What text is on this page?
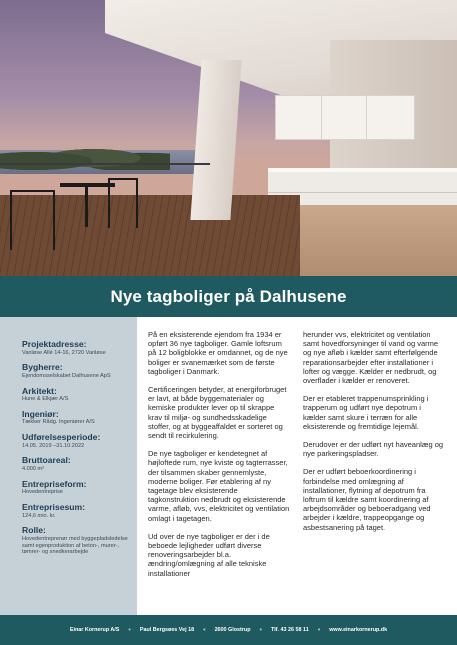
Nye tagboliger på Dalhusene
Projektadresse:
Vanløse Allé 14-16, 2720 Vanløse
Bygherre:
Ejendomsselskabet Dalhusene ApS
Arkitekt:
Hune & Elkjær A/S
Ingeniør:
Tækker Rådg. Ingeniører A/S
Udførelsesperiode:
14.05. 2019 –31.10.2022
Bruttoareal:
4.000 m²
Entrepriseform:
Hovedentreprise
Entreprisesum:
124,6 mio. kr.
Rolle:
Hovedentreprenør med byggepladsledelse samt egenproduktion af beton-, murer-, tømrer- og snedkerarbejde

På en eksisterende ejendom fra 1934 er opført 36 nye tagboliger. Gamle loftsrum på 12 boligblokke er omdannet, og de nye boliger er svanemærket som de første tagboliger i Danmark.

Certificeringen betyder, at energiforbruget er lavt, at både byggematerialer og kemiske produkter lever op til skrappe krav til miljø- og sundhedsskadelige stoffer, og at byggeaffaldet er sorteret og sendt til recirkulering.

De nye tagboliger er kendetegnet af højloftede rum, nye kviste og tagterrasser, der tilsammen skaber gennemlyste, moderne boliger. Før etablering af ny tagetage blev eksisterende tagkonstruktion nedbrudt og eksisterende varme, afløb, vvs, elektricitet og ventilation omlagt i tagetagen.

Ud over de nye tagboliger er der i de beboede lejligheder udført diverse renoveringsarbejder bl.a. ændring/omlægning af alle tekniske installationer

herunder vvs, elektricitet og ventilation samt hovedforsyninger til vand og varme og nye afløb i kælder samt efterfølgende reparationsarbejder efter installationer i lofter og vægge. Kælder er nedbrudt, og overflader i kælder er renoveret.

Der er etableret trappenumsprinkling i trapperum og udført nye depotrum i kælder samt skure i terræn for alle eksisterende og fremtidige lejemål.

Derudover er der udført nyt haveanlæg og nye parkeringspladser.

Der er udført beboerkoordinering i forbindelse med omlægning af installationer, flytning af depotrum fra loftrum til kældre samt koordinering af arbejdsområder og beboeradgang ved arbejder i kældre, trappeopgange og asbestsanering på taget.

Einar Kornerup A/S • Paul Bergsøes Vej 18 • 2600 Glostrup • Tlf. 43 26 58 11 • www.einarkornerup.dk
